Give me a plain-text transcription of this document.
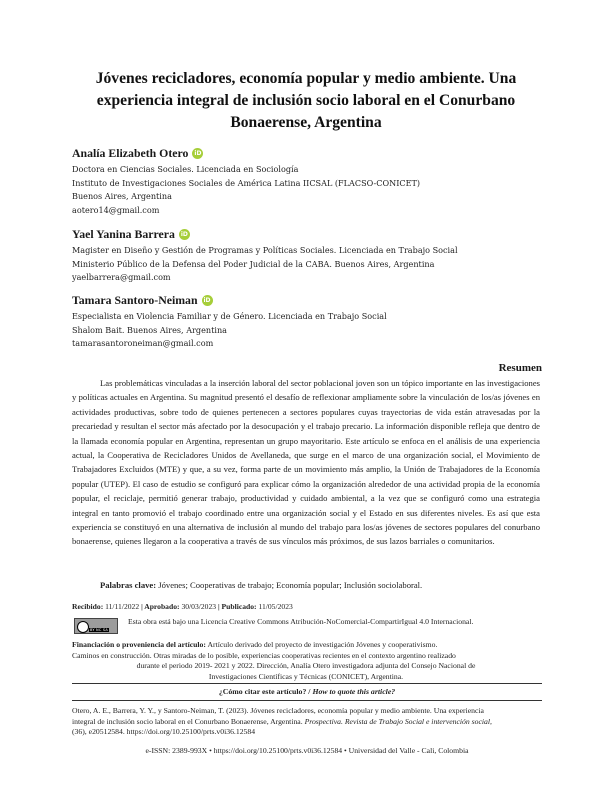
Jóvenes recicladores, economía popular y medio ambiente. Una
experiencia integral de inclusión socio laboral en el Conurbano
Bonaerense, Argentina
Analía Elizabeth Otero
iD
Doctora en Ciencias Sociales. Licenciada en Sociología
Instituto de Investigaciones Sociales de América Latina IICSAL (FLACSO-CONICET)
Buenos Aires, Argentina
aotero14@gmail.com
Yael Yanina Barrera
iD
Magister en Diseño y Gestión de Programas y Políticas Sociales. Licenciada en Trabajo Social
Ministerio Público de la Defensa del Poder Judicial de la CABA. Buenos Aires, Argentina
yaelbarrera@gmail.com
Tamara Santoro-Neiman
iD
Especialista en Violencia Familiar y de Género. Licenciada en Trabajo Social
Shalom Bait. Buenos Aires, Argentina
tamarasantoroneiman@gmail.com
Resumen
Las problemáticas vinculadas a la inserción laboral del sector poblacional joven son un tópico importante en las investigaciones y políticas actuales en Argentina. Su magnitud presentó el desafío de reflexionar ampliamente sobre la vinculación de los/as jóvenes en actividades productivas, sobre todo de quienes pertenecen a sectores populares cuyas trayectorias de vida están atravesadas por la precariedad y resultan el sector más afectado por la desocupación y el trabajo precario. La información disponible refleja que dentro de la llamada economía popular en Argentina, representan un grupo mayoritario. Este artículo se enfoca en el análisis de una experiencia actual, la Cooperativa de Recicladores Unidos de Avellaneda, que surge en el marco de una organización social, el Movimiento de Trabajadores Excluidos (MTE) y que, a su vez, forma parte de un movimiento más amplio, la Unión de Trabajadores de la Economía popular (UTEP). El caso de estudio se configuró para explicar cómo la organización alrededor de una actividad propia de la economía popular, el reciclaje, permitió generar trabajo, productividad y cuidado ambiental, a la vez que se configuró como una estrategia integral en tanto promovió el trabajo coordinado entre una organización social y el Estado en sus diferentes niveles. Es así que esta experiencia se constituyó en una alternativa de inclusión al mundo del trabajo para los/as jóvenes de sectores populares del conurbano bonaerense, quienes llegaron a la cooperativa a través de sus vínculos más próximos, de sus lazos barriales o comunitarios.
Palabras clave: Jóvenes; Cooperativas de trabajo; Economía popular; Inclusión sociolaboral.
Recibido: 11/11/2022 | Aprobado: 30/03/2023 | Publicado: 11/05/2023
BY NC SA
Esta obra está bajo una Licencia Creative Commons Atribución-NoComercial-CompartirIgual 4.0 Internacional.
Financiación o proveniencia del artículo: Artículo derivado del proyecto de investigación Jóvenes y cooperativismo.
Caminos en construcción. Otras miradas de lo posible, experiencias cooperativas recientes en el contexto argentino realizado
durante el periodo 2019- 2021 y 2022. Dirección, Analía Otero investigadora adjunta del Consejo Nacional de
Investigaciones Científicas y Técnicas (CONICET), Argentina.
¿Cómo citar este artículo? / How to quote this article?
Otero, A. E., Barrera, Y. Y., y Santoro-Neiman, T. (2023). Jóvenes recicladores, economía popular y medio ambiente. Una experiencia
integral de inclusión socio laboral en el Conurbano Bonaerense, Argentina. Prospectiva. Revista de Trabajo Social e intervención social,
(36), e20512584. https://doi.org/10.25100/prts.v0i36.12584
e-ISSN: 2389-993X • https://doi.org/10.25100/prts.v0i36.12584 • Universidad del Valle - Cali, Colombia
